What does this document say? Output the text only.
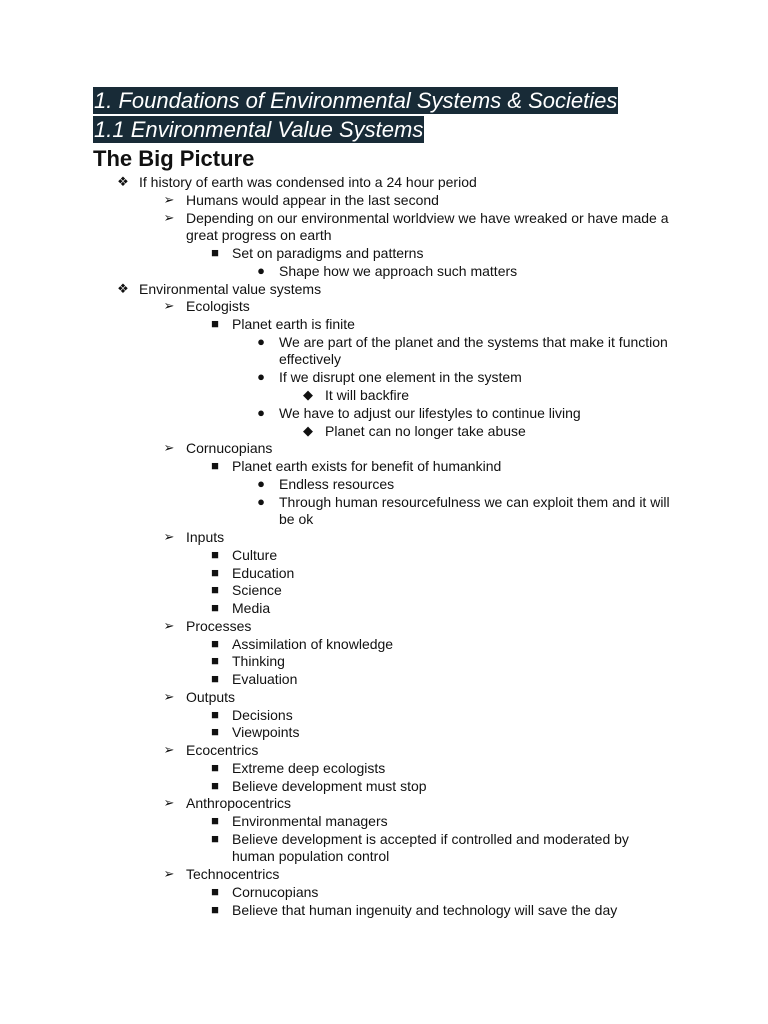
1. Foundations of Environmental Systems & Societies
1.1 Environmental Value Systems
The Big Picture
❖ If history of earth was condensed into a 24 hour period
➢ Humans would appear in the last second
➢ Depending on our environmental worldview we have wreaked or have made a
great progress on earth
■ Set on paradigms and patterns
●	Shape how we approach such matters
❖ Environmental value systems
➢ Ecologists
■ Planet earth is finite
●	We are part of the planet and the systems that make it function
effectively
●	If we disrupt one element in the system
◆ It will backfire
●	We have to adjust our lifestyles to continue living
◆ Planet can no longer take abuse
➢ Cornucopians
■ Planet earth exists for benefit of humankind
●	Endless resources
●	Through human resourcefulness we can exploit them and it will
be ok
➢ Inputs
■ Culture
■ Education
■ Science
■ Media
➢ Processes
■ Assimilation of knowledge
■ Thinking
■ Evaluation
➢ Outputs
■ Decisions
■ Viewpoints
➢ Ecocentrics
■ Extreme deep ecologists
■ Believe development must stop
➢ Anthropocentrics
■ Environmental managers
■ Believe development is accepted if controlled and moderated by
human population control
➢ Technocentrics
■ Cornucopians
■ Believe that human ingenuity and technology will save the day
